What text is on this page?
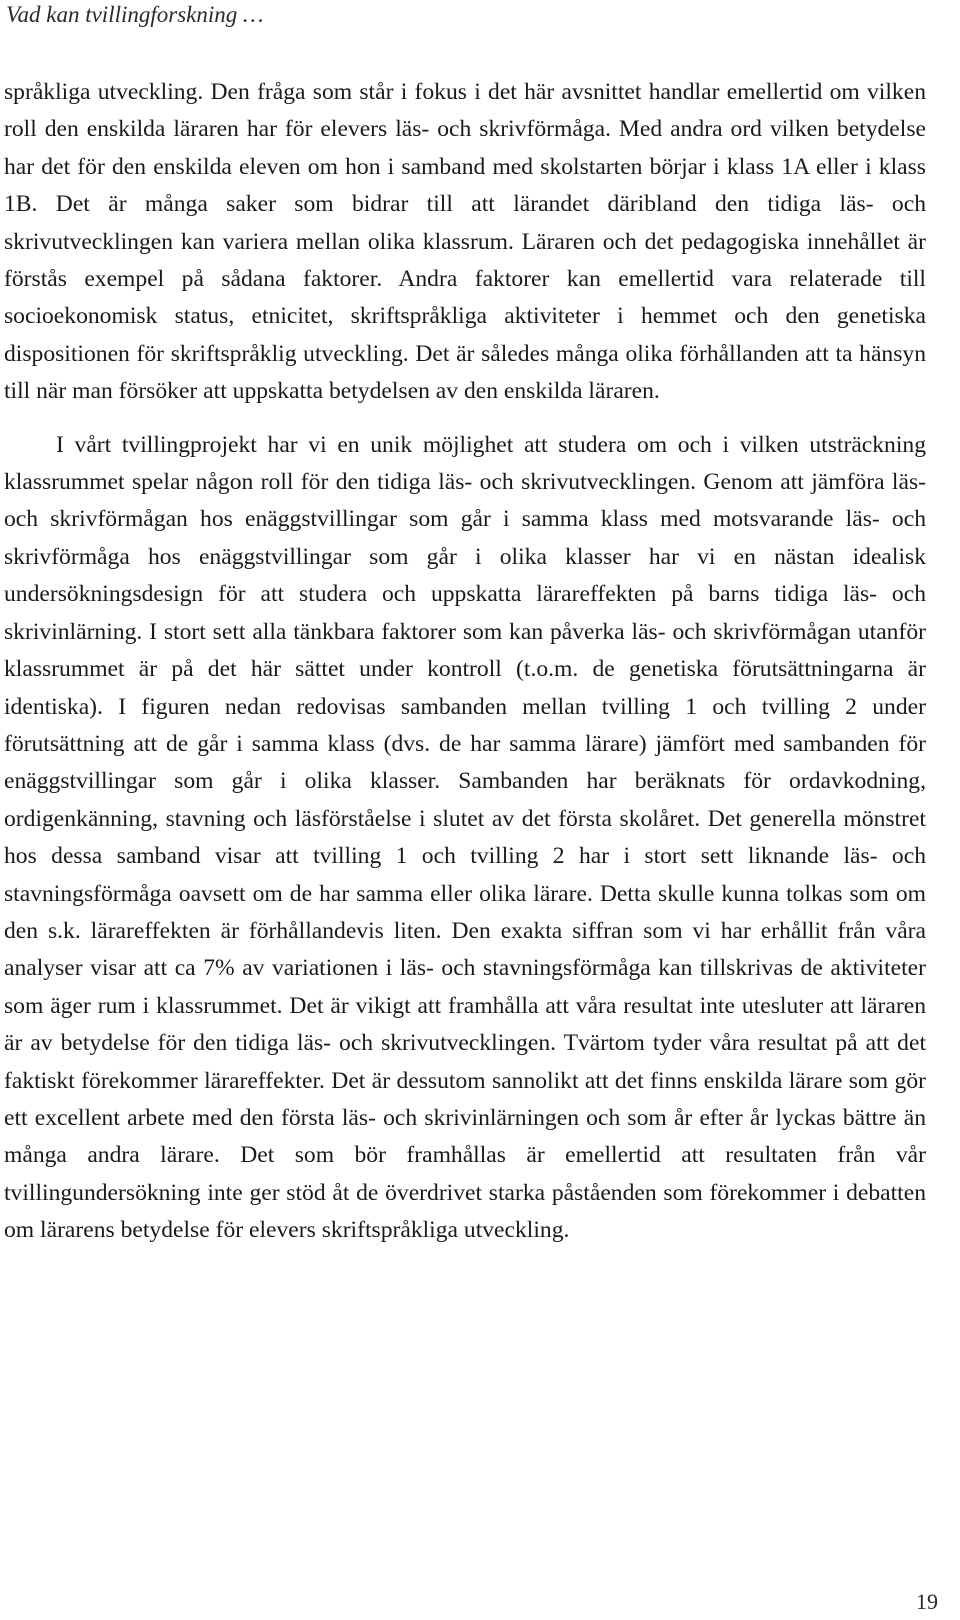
Vad kan tvillingforskning …

språkliga utveckling. Den fråga som står i fokus i det här avsnittet handlar emellertid om vilken roll den enskilda läraren har för elevers läs- och skrivförmåga. Med andra ord vilken betydelse har det för den enskilda eleven om hon i samband med skolstarten börjar i klass 1A eller i klass 1B. Det är många saker som bidrar till att lärandet däribland den tidiga läs- och skrivutvecklingen kan variera mellan olika klassrum. Läraren och det pedagogiska innehållet är förstås exempel på sådana faktorer. Andra faktorer kan emellertid vara relaterade till socioekonomisk status, etnicitet, skriftspråkliga aktiviteter i hemmet och den genetiska dispositionen för skriftspråklig utveckling. Det är således många olika förhållanden att ta hänsyn till när man försöker att uppskatta betydelsen av den enskilda läraren.

I vårt tvillingprojekt har vi en unik möjlighet att studera om och i vilken utsträckning klassrummet spelar någon roll för den tidiga läs- och skrivutvecklingen. Genom att jämföra läs- och skrivförmågan hos enäggstvillingar som går i samma klass med motsvarande läs- och skrivförmåga hos enäggstvillingar som går i olika klasser har vi en nästan idealisk undersökningsdesign för att studera och uppskatta lärareffekten på barns tidiga läs- och skrivinlärning. I stort sett alla tänkbara faktorer som kan påverka läs- och skrivförmågan utanför klassrummet är på det här sättet under kontroll (t.o.m. de genetiska förutsättningarna är identiska). I figuren nedan redovisas sambanden mellan tvilling 1 och tvilling 2 under förutsättning att de går i samma klass (dvs. de har samma lärare) jämfört med sambanden för enäggstvillingar som går i olika klasser. Sambanden har beräknats för ordavkodning, ordigenkänning, stavning och läsförståelse i slutet av det första skolåret. Det generella mönstret hos dessa samband visar att tvilling 1 och tvilling 2 har i stort sett liknande läs- och stavningsförmåga oavsett om de har samma eller olika lärare. Detta skulle kunna tolkas som om den s.k. lärareffekten är förhållandevis liten. Den exakta siffran som vi har erhållit från våra analyser visar att ca 7% av variationen i läs- och stavningsförmåga kan tillskrivas de aktiviteter som äger rum i klassrummet. Det är vikigt att framhålla att våra resultat inte utesluter att läraren är av betydelse för den tidiga läs- och skrivutvecklingen. Tvärtom tyder våra resultat på att det faktiskt förekommer lärareffekter. Det är dessutom sannolikt att det finns enskilda lärare som gör ett excellent arbete med den första läs- och skrivinlärningen och som år efter år lyckas bättre än många andra lärare. Det som bör framhållas är emellertid att resultaten från vår tvillingundersökning inte ger stöd åt de överdrivet starka påståenden som förekommer i debatten om lärarens betydelse för elevers skriftspråkliga utveckling.

19
